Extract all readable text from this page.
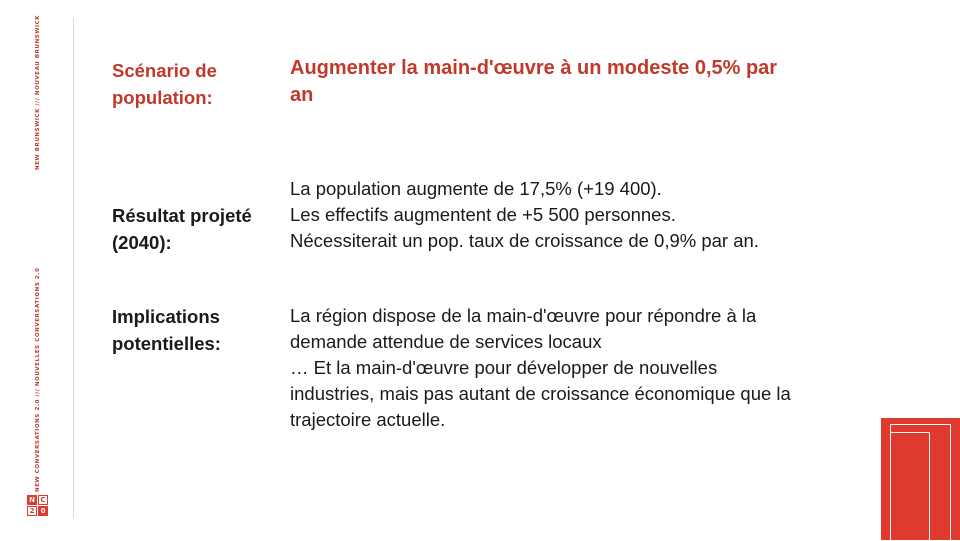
NEW BRUNSWICK /// NOUVEAU BRUNSWICK
NEW CONVERSATIONS 2.0 /// NOUVELLES CONVERSATIONS 2.0
N C
2 0
Scénario de
population:
Augmenter la main-d'œuvre à un modeste 0,5% par
an
Résultat projeté
(2040):
La population augmente de 17,5% (+19 400).
Les effectifs augmentent de +5 500 personnes.
Nécessiterait un pop. taux de croissance de 0,9% par an.
Implications
potentielles:
La région dispose de la main-d'œuvre pour répondre à la
demande attendue de services locaux
… Et la main-d'œuvre pour développer de nouvelles
industries, mais pas autant de croissance économique que la
trajectoire actuelle.
